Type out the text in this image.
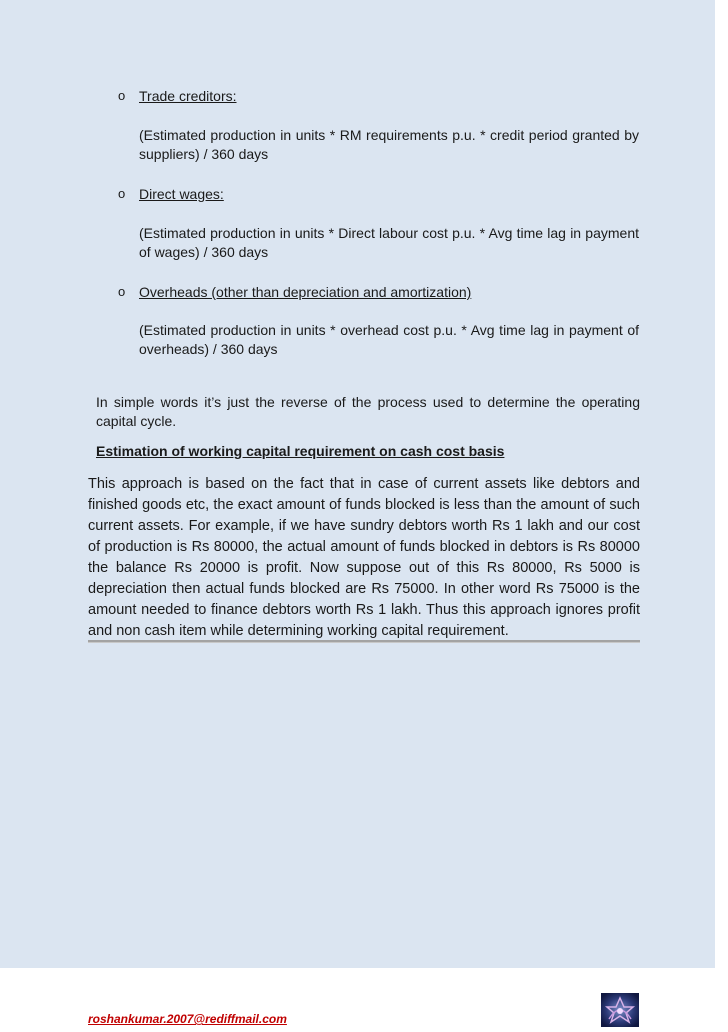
o Trade creditors:
(Estimated production in units * RM requirements p.u. * credit period granted by suppliers) / 360 days
o Direct wages:
(Estimated production in units * Direct labour cost p.u. * Avg time lag in payment of wages) / 360 days
o Overheads (other than depreciation and amortization)
(Estimated production in units * overhead cost p.u. * Avg time lag in payment of overheads) / 360 days
In simple words it’s just the reverse of the process used to determine the operating capital cycle.
Estimation of working capital requirement on cash cost basis
This approach is based on the fact that in case of current assets like debtors and finished goods etc, the exact amount of funds blocked is less than the amount of such current assets. For example, if we have sundry debtors worth Rs 1 lakh and our cost of production is Rs 80000, the actual amount of funds blocked in debtors is Rs 80000 the balance Rs 20000 is profit. Now suppose out of this Rs 80000, Rs 5000 is depreciation then actual funds blocked are Rs 75000. In other word Rs 75000 is the amount needed to finance debtors worth Rs 1 lakh. Thus this approach ignores profit and non cash item while determining working capital requirement.
roshankumar.2007@rediffmail.com
